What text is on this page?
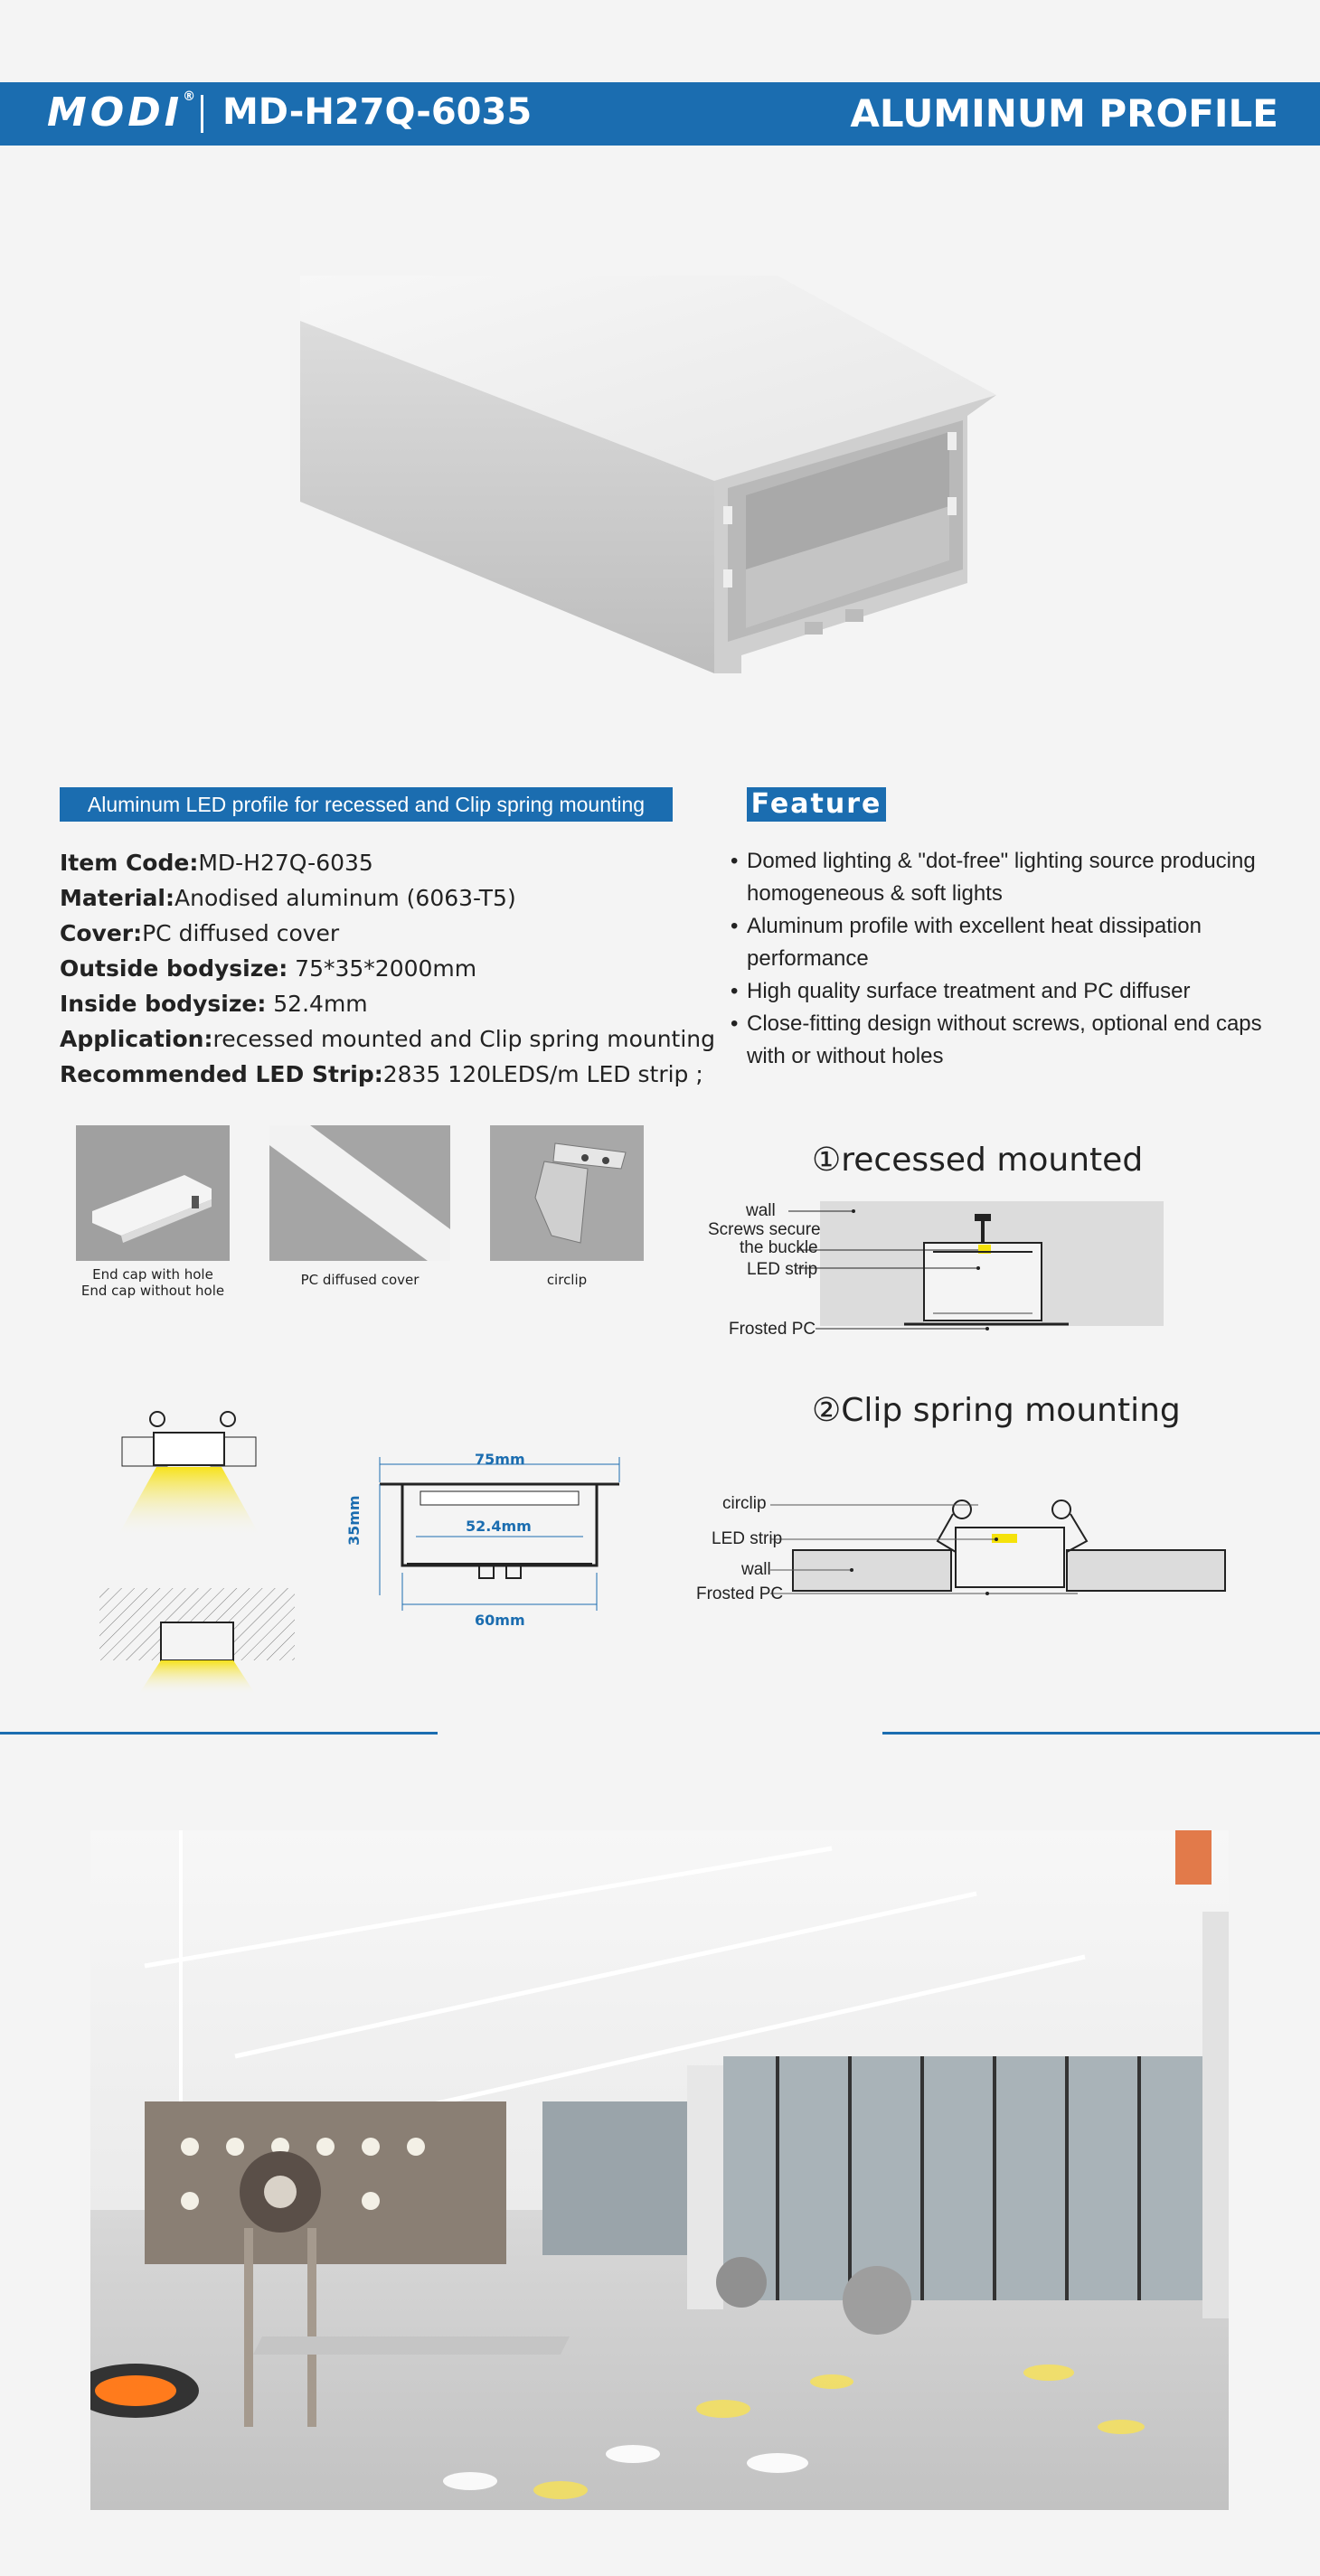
MODI® MD-H27Q-6035	ALUMINUM PROFILE
Aluminum LED profile for recessed and Clip spring mounting	Feature
Item Code:MD-H27Q-6035
Material:Anodised aluminum (6063-T5)
Cover:PC diffused cover
Outside bodysize: 75*35*2000mm
Inside bodysize: 52.4mm
Application:recessed mounted and Clip spring mounting
Recommended LED Strip:2835 120LEDS/m LED strip ;
• Domed lighting & "dot-free" lighting source producing homogeneous & soft lights
• Aluminum profile with excellent heat dissipation performance
• High quality surface treatment and PC diffuser
• Close-fitting design without screws, optional end caps with or without holes
End cap with hole
End cap without hole
PC diffused cover	circlip
①recessed mounted
wall
Screws secure
the buckle
LED strip
Frosted PC
75mm
52.4mm
35mm
60mm
②Clip spring mounting
circlip
LED strip
wall
Frosted PC
